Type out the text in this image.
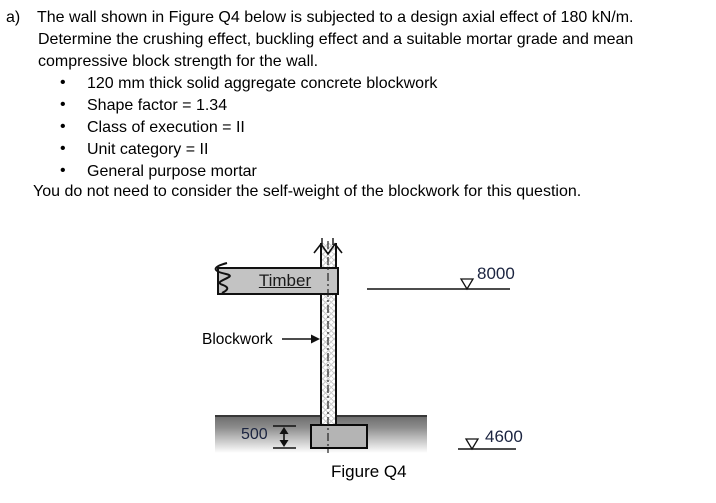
a) The wall shown in Figure Q4 below is subjected to a design axial effect of 180 kN/m.
Determine the crushing effect, buckling effect and a suitable mortar grade and mean
compressive block strength for the wall.
• 120 mm thick solid aggregate concrete blockwork
• Shape factor = 1.34
• Class of execution = II
• Unit category = II
• General purpose mortar
You do not need to consider the self-weight of the blockwork for this question.
Timber
Blockwork
500
8000
4600
Figure Q4
